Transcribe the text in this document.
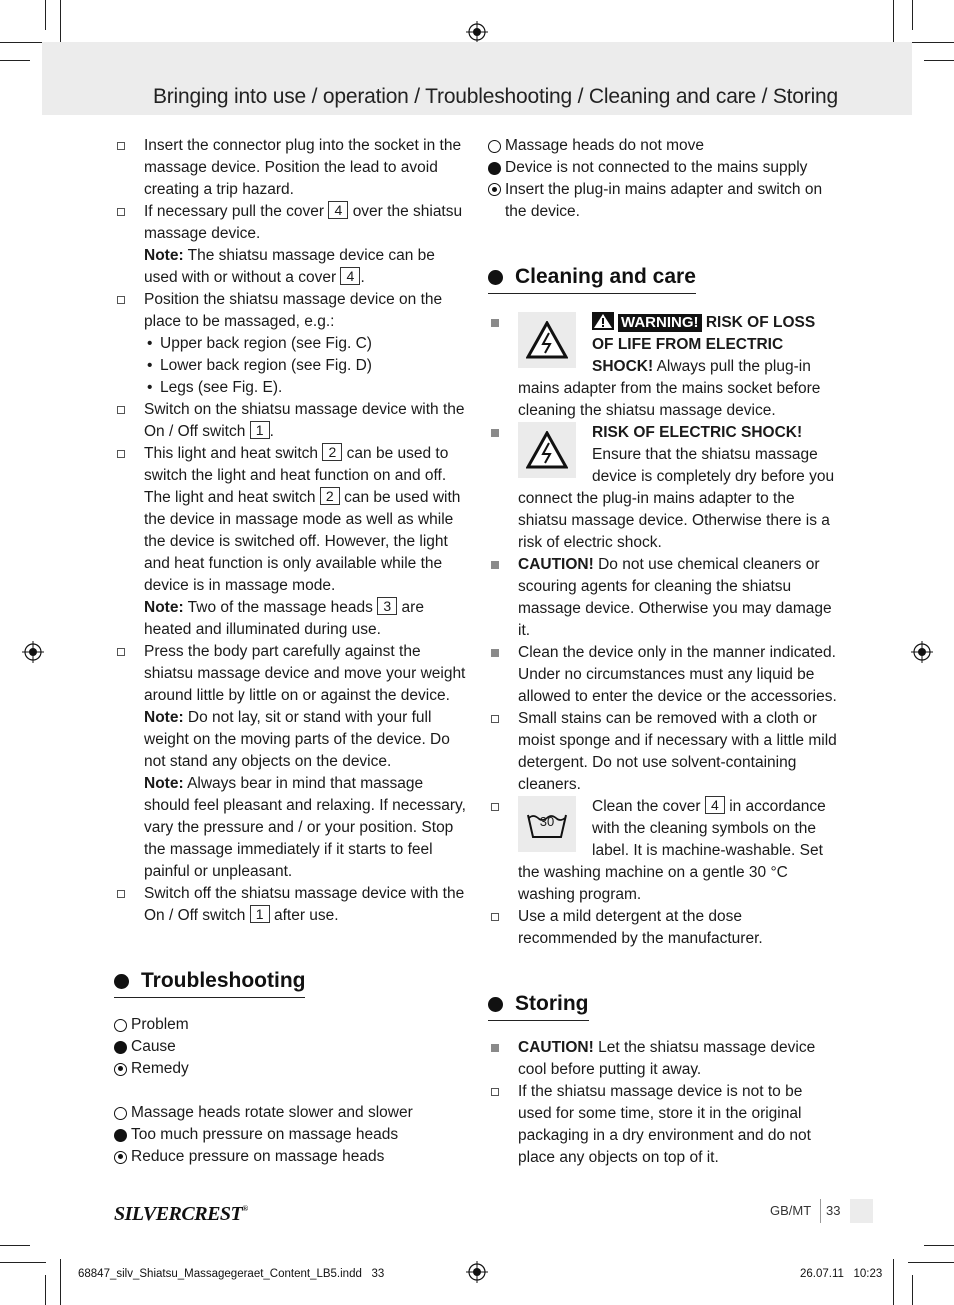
Bringing into use / operation / Troubleshooting / Cleaning and care / Storing
Insert the connector plug into the socket in the massage device. Position the lead to avoid creating a trip hazard.
If necessary pull the cover 4 over the shiatsu massage device.
Note: The shiatsu massage device can be used with or without a cover 4 .
Position the shiatsu massage device on the place to be massaged, e.g.:
• Upper back region (see Fig. C)
• Lower back region (see Fig. D)
• Legs (see Fig. E).
Switch on the shiatsu massage device with the On / Off switch 1 .
This light and heat switch 2 can be used to switch the light and heat function on and off. The light and heat switch 2 can be used with the device in massage mode as well as while the device is switched off. However, the light and heat function is only available while the device is in massage mode.
Note: Two of the massage heads 3 are heated and illuminated during use.
Press the body part carefully against the shiatsu massage device and move your weight around little by little on or against the device.
Note: Do not lay, sit or stand with your full weight on the moving parts of the device. Do not stand any objects on the device.
Note: Always bear in mind that massage should feel pleasant and relaxing. If necessary, vary the pressure and / or your position. Stop the massage immediately if it starts to feel painful or unpleasant.
Switch off the shiatsu massage device with the On / Off switch 1 after use.
Troubleshooting
Problem
Cause
Remedy
Massage heads rotate slower and slower
Too much pressure on massage heads
Reduce pressure on massage heads
Massage heads do not move
Device is not connected to the mains supply
Insert the plug-in mains adapter and switch on the device.
Cleaning and care
WARNING! RISK OF LOSS OF LIFE FROM ELECTRIC SHOCK! Always pull the plug-in mains adapter from the mains socket before cleaning the shiatsu massage device.
RISK OF ELECTRIC SHOCK!
Ensure that the shiatsu massage device is completely dry before you connect the plug-in mains adapter to the shiatsu massage device. Otherwise there is a risk of electric shock.
CAUTION! Do not use chemical cleaners or scouring agents for cleaning the shiatsu massage device. Otherwise you may damage it.
Clean the device only in the manner indicated. Under no circumstances must any liquid be allowed to enter the device or the accessories.
Small stains can be removed with a cloth or moist sponge and if necessary with a little mild detergent. Do not use solvent-containing cleaners.
30
Clean the cover 4 in accordance with the cleaning symbols on the label. It is machine-washable. Set the washing machine on a gentle 30 °C washing program.
Use a mild detergent at the dose recommended by the manufacturer.
Storing
CAUTION! Let the shiatsu massage device cool before putting it away.
If the shiatsu massage device is not to be used for some time, store it in the original packaging in a dry environment and do not place any objects on top of it.
SILVERCREST®	GB/MT 33
68847_silv_Shiatsu_Massagegeraet_Content_LB5.indd   33	26.07.11   10:23
